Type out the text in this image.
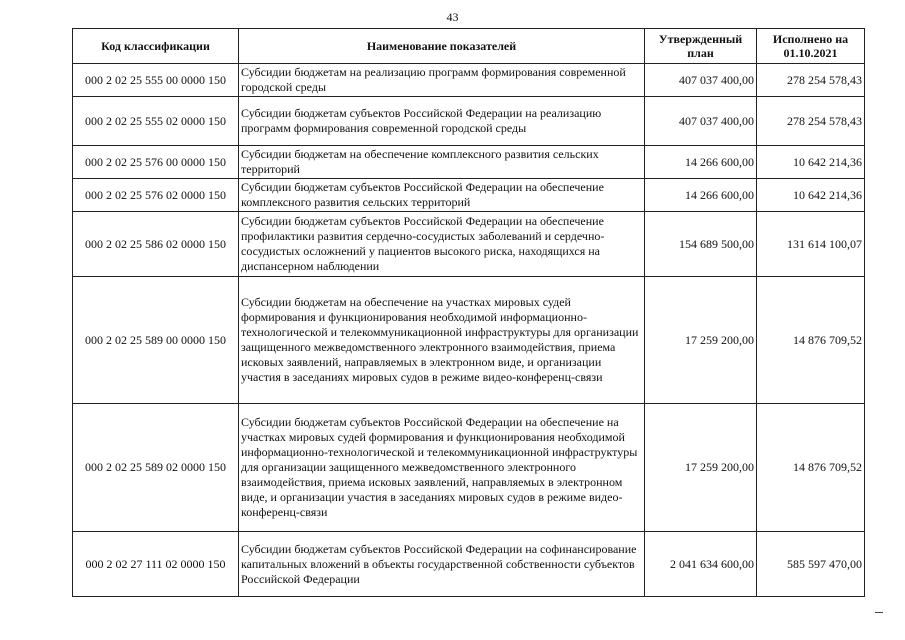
43
Код классификации	Наименование показателей	Утвержденный план	Исполнено на 01.10.2021
000 2 02 25 555 00 0000 150	Субсидии бюджетам на реализацию программ формирования современной городской среды	407 037 400,00	278 254 578,43
000 2 02 25 555 02 0000 150	Субсидии бюджетам субъектов Российской Федерации на реализацию программ формирования современной городской среды	407 037 400,00	278 254 578,43
000 2 02 25 576 00 0000 150	Субсидии бюджетам на обеспечение комплексного развития сельских территорий	14 266 600,00	10 642 214,36
000 2 02 25 576 02 0000 150	Субсидии бюджетам субъектов Российской Федерации на обеспечение комплексного развития сельских территорий	14 266 600,00	10 642 214,36
000 2 02 25 586 02 0000 150	Субсидии бюджетам субъектов Российской Федерации на обеспечение профилактики развития сердечно-сосудистых заболеваний и сердечно-сосудистых осложнений у пациентов высокого риска, находящихся на диспансерном наблюдении	154 689 500,00	131 614 100,07
000 2 02 25 589 00 0000 150	Субсидии бюджетам на обеспечение на участках мировых судей формирования и функционирования необходимой информационно-технологической и телекоммуникационной инфраструктуры для организации защищенного межведомственного электронного взаимодействия, приема исковых заявлений, направляемых в электронном виде, и организации участия в заседаниях мировых судов в режиме видео-конференц-связи	17 259 200,00	14 876 709,52
000 2 02 25 589 02 0000 150	Субсидии бюджетам субъектов Российской Федерации на обеспечение на участках мировых судей формирования и функционирования необходимой информационно-технологической и телекоммуникационной инфраструктуры для организации защищенного межведомственного электронного взаимодействия, приема исковых заявлений, направляемых в электронном виде, и организации участия в заседаниях мировых судов в режиме видео-конференц-связи	17 259 200,00	14 876 709,52
000 2 02 27 111 02 0000 150	Субсидии бюджетам субъектов Российской Федерации на софинансирование капитальных вложений в объекты государственной собственности субъектов Российской Федерации	2 041 634 600,00	585 597 470,00
